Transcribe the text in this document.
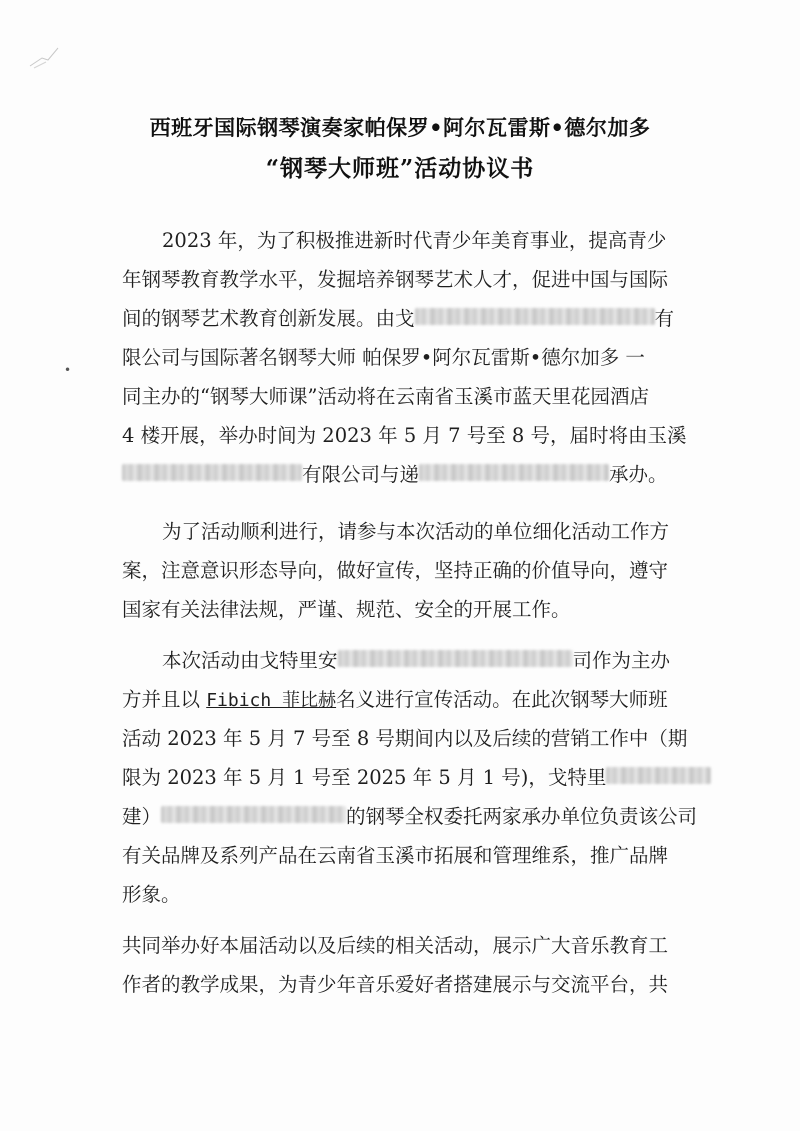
西班牙国际钢琴演奏家帕保罗•阿尔瓦雷斯•德尔加多
“钢琴大师班”活动协议书
•
2023 年，为了积极推进新时代青少年美育事业，提高青少
年钢琴教育教学水平，发掘培养钢琴艺术人才，促进中国与国际
间的钢琴艺术教育创新发展。由戈	有
限公司与国际著名钢琴大师 帕保罗•阿尔瓦雷斯•德尔加多 一
同主办的“钢琴大师课”活动将在云南省玉溪市蓝天里花园酒店
4 楼开展，举办时间为 2023 年 5 月 7 号至 8 号，届时将由玉溪
有限公司与递	承办。
为了活动顺利进行，请参与本次活动的单位细化活动工作方
案，注意意识形态导向，做好宣传，坚持正确的价值导向，遵守
国家有关法律法规，严谨、规范、安全的开展工作。
本次活动由戈特里安	司作为主办
方并且以 Fibich 菲比赫名义进行宣传活动。在此次钢琴大师班
活动 2023 年 5 月 7 号至 8 号期间内以及后续的营销工作中（期
限为 2023 年 5 月 1 号至 2025 年 5 月 1 号)，戈特里
建）	的钢琴全权委托两家承办单位负责该公司
有关品牌及系列产品在云南省玉溪市拓展和管理维系，推广品牌
形象。
共同举办好本届活动以及后续的相关活动，展示广大音乐教育工
作者的教学成果，为青少年音乐爱好者搭建展示与交流平台，共
